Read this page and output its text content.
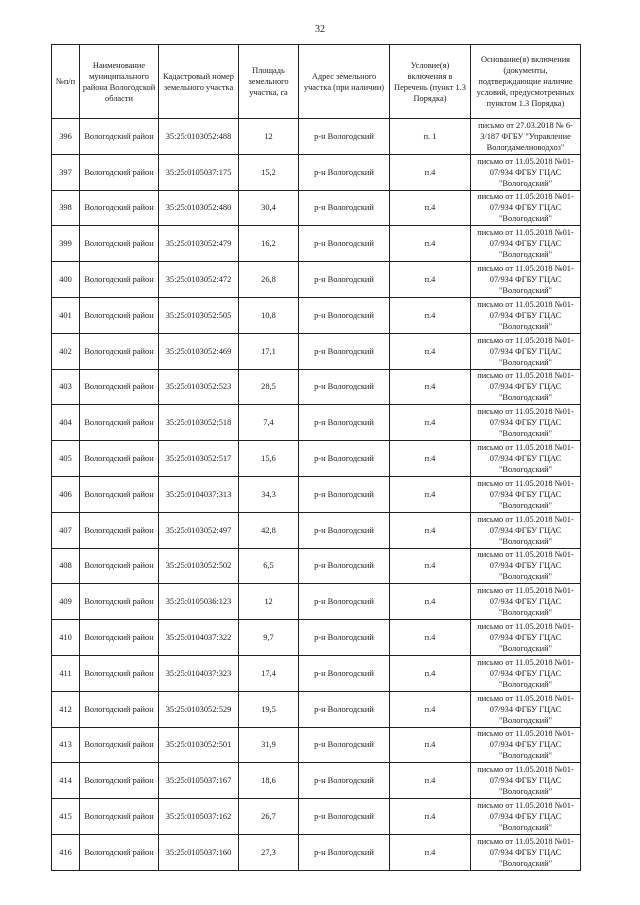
32
№п/п	Наименование муниципального района Вологодской области	Кадастровый номер земельного участка	Площадь земельного участка, га	Адрес земельного участка (при наличии)	Условие(я) включения в Перечень (пункт 1.3 Порядка)	Основание(я) включения (документы, подтверждающие наличие условий, предусмотренных пунктом 1.3 Порядка)
396	Вологодский район	35:25:0103052:488	12	р-н Вологодский	п. 1	письмо от 27.03.2018 № 6-
3/187 ФГБУ "Управление
Вологдамелиоводхоз"

397	Вологодский район	35:25:0105037:175	15,2	р-н Вологодский	п.4	письмо от 11.05.2018 №01-
07/934 ФГБУ ГЦАС
"Вологодский"

398	Вологодский район	35:25:0103052:480	30,4	р-н Вологодский	п.4	письмо от 11.05.2018 №01-
07/934 ФГБУ ГЦАС
"Вологодский"

399	Вологодский район	35:25:0103052:479	16,2	р-н Вологодский	п.4	письмо от 11.05.2018 №01-
07/934 ФГБУ ГЦАС
"Вологодский"

400	Вологодский район	35:25:0103052:472	26,8	р-н Вологодский	п.4	письмо от 11.05.2018 №01-
07/934 ФГБУ ГЦАС
"Вологодский"

401	Вологодский район	35:25:0103052:505	10,8	р-н Вологодский	п.4	письмо от 11.05.2018 №01-
07/934 ФГБУ ГЦАС
"Вологодский"

402	Вологодский район	35:25:0103052:469	17,1	р-н Вологодский	п.4	письмо от 11.05.2018 №01-
07/934 ФГБУ ГЦАС
"Вологодский"

403	Вологодский район	35:25:0103052:523	28,5	р-н Вологодский	п.4	письмо от 11.05.2018 №01-
07/934 ФГБУ ГЦАС
"Вологодский"

404	Вологодский район	35:25:0103052:518	7,4	р-н Вологодский	п.4	письмо от 11.05.2018 №01-
07/934 ФГБУ ГЦАС
"Вологодский"

405	Вологодский район	35:25:0103052:517	15,6	р-н Вологодский	п.4	письмо от 11.05.2018 №01-
07/934 ФГБУ ГЦАС
"Вологодский"

406	Вологодский район	35:25:0104037:313	34,3	р-н Вологодский	п.4	письмо от 11.05.2018 №01-
07/934 ФГБУ ГЦАС
"Вологодский"

407	Вологодский район	35:25:0103052:497	42,8	р-н Вологодский	п.4	письмо от 11.05.2018 №01-
07/934 ФГБУ ГЦАС
"Вологодский"

408	Вологодский район	35:25:0103052:502	6,5	р-н Вологодский	п.4	письмо от 11.05.2018 №01-
07/934 ФГБУ ГЦАС
"Вологодский"

409	Вологодский район	35:25:0105036:123	12	р-н Вологодский	п.4	письмо от 11.05.2018 №01-
07/934 ФГБУ ГЦАС
"Вологодский"

410	Вологодский район	35:25:0104037:322	9,7	р-н Вологодский	п.4	письмо от 11.05.2018 №01-
07/934 ФГБУ ГЦАС
"Вологодский"

411	Вологодский район	35:25:0104037:323	17,4	р-н Вологодский	п.4	письмо от 11.05.2018 №01-
07/934 ФГБУ ГЦАС
"Вологодский"

412	Вологодский район	35:25:0103052:529	19,5	р-н Вологодский	п.4	письмо от 11.05.2018 №01-
07/934 ФГБУ ГЦАС
"Вологодский"

413	Вологодский район	35:25:0103052:501	31,9	р-н Вологодский	п.4	письмо от 11.05.2018 №01-
07/934 ФГБУ ГЦАС
"Вологодский"

414	Вологодский район	35:25:0105037:167	18,6	р-н Вологодский	п.4	письмо от 11.05.2018 №01-
07/934 ФГБУ ГЦАС
"Вологодский"

415	Вологодский район	35:25:0105037:162	26,7	р-н Вологодский	п.4	письмо от 11.05.2018 №01-
07/934 ФГБУ ГЦАС
"Вологодский"

416	Вологодский район	35:25:0105037:160	27,3	р-н Вологодский	п.4	письмо от 11.05.2018 №01-
07/934 ФГБУ ГЦАС
"Вологодский"
